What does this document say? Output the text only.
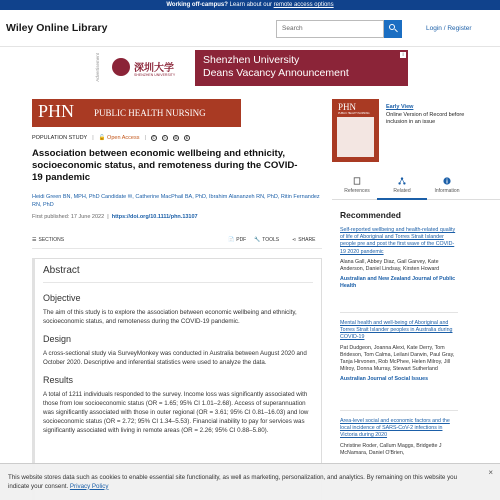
Working off-campus? Learn about our remote access options
Wiley Online Library	Search	Login / Register
Advertisement	深圳大学
SHENZHEN UNIVERSITY
Shenzhen University
Deans Vacancy Announcement
i
PHN PUBLIC HEALTH NURSING
POPULATION STUDY | 🔓 Open Access |	©	ⓑ	⊜	$
Association between economic wellbeing and ethnicity, socioeconomic status, and remoteness during the COVID-19 pandemic
Heidi Green BN, MPH, PhD Candidate ✉, Catherine MacPhail BA, PhD, Ibrahim Alananzeh RN, PhD, Ritin Fernandez RN, PhD
First published: 17 June 2022  |  https://doi.org/10.1111/phn.13107
☰ SECTIONS	📄 PDF 🔧 TOOLS	⋖ SHARE
Abstract
Objective

The aim of this study is to explore the association between economic wellbeing and ethnicity, socioeconomic status, and remoteness during the COVID-19 pandemic.

Design

A cross-sectional study via SurveyMonkey was conducted in Australia between August 2020 and October 2020. Descriptive and inferential statistics were used to analyze the data.

Results

A total of 1211 individuals responded to the survey. Income loss was significantly associated with those from low socioeconomic status (OR = 1.65; 95% CI 1.01–2.68). Access of superannuation was significantly associated with those in outer regional (OR = 3.61; 95% CI 0.81–16.03) and low socioeconomic status (OR = 2.72; 95% CI 1.34–5.53). Financial inability to pay for services was significantly associated with living in remote areas (OR = 2.26; 95% CI 0.88–5.80).

PHN
PUBLIC HEALTH NURSING
Early View
Online Version of Record before inclusion in an issue
References	Related	Information
Recommended
Self-reported wellbeing and health-related quality of life of Aboriginal and Torres Strait Islander people pre and post the first wave of the COVID-19 2020 pandemic
Alana Gall, Abbey Diaz, Gail Garvey, Kate Anderson, Daniel Lindsay, Kirsten Howard
Australian and New Zealand Journal of Public Health
Mental health and well-being of Aboriginal and Torres Strait Islander peoples in Australia during COVID-19
Pat Dudgeon, Joanna Alexi, Kate Derry, Tom Brideson, Tom Calma, Leilani Darwin, Paul Gray, Tanja Hirvonen, Rob McPhee, Helen Milroy, Jill Milroy, Donna Murray, Stewart Sutherland
Australian Journal of Social Issues
Area-level social and economic factors and the local incidence of SARS-CoV-2 infections in Victoria during 2020
Christine Roder, Callum Maggs, Bridgette J McNamara, Daniel O'Brien,

This website stores data such as cookies to enable essential site functionality, as well as marketing, personalization, and analytics. By remaining on this website you indicate your consent. Privacy Policy

×
